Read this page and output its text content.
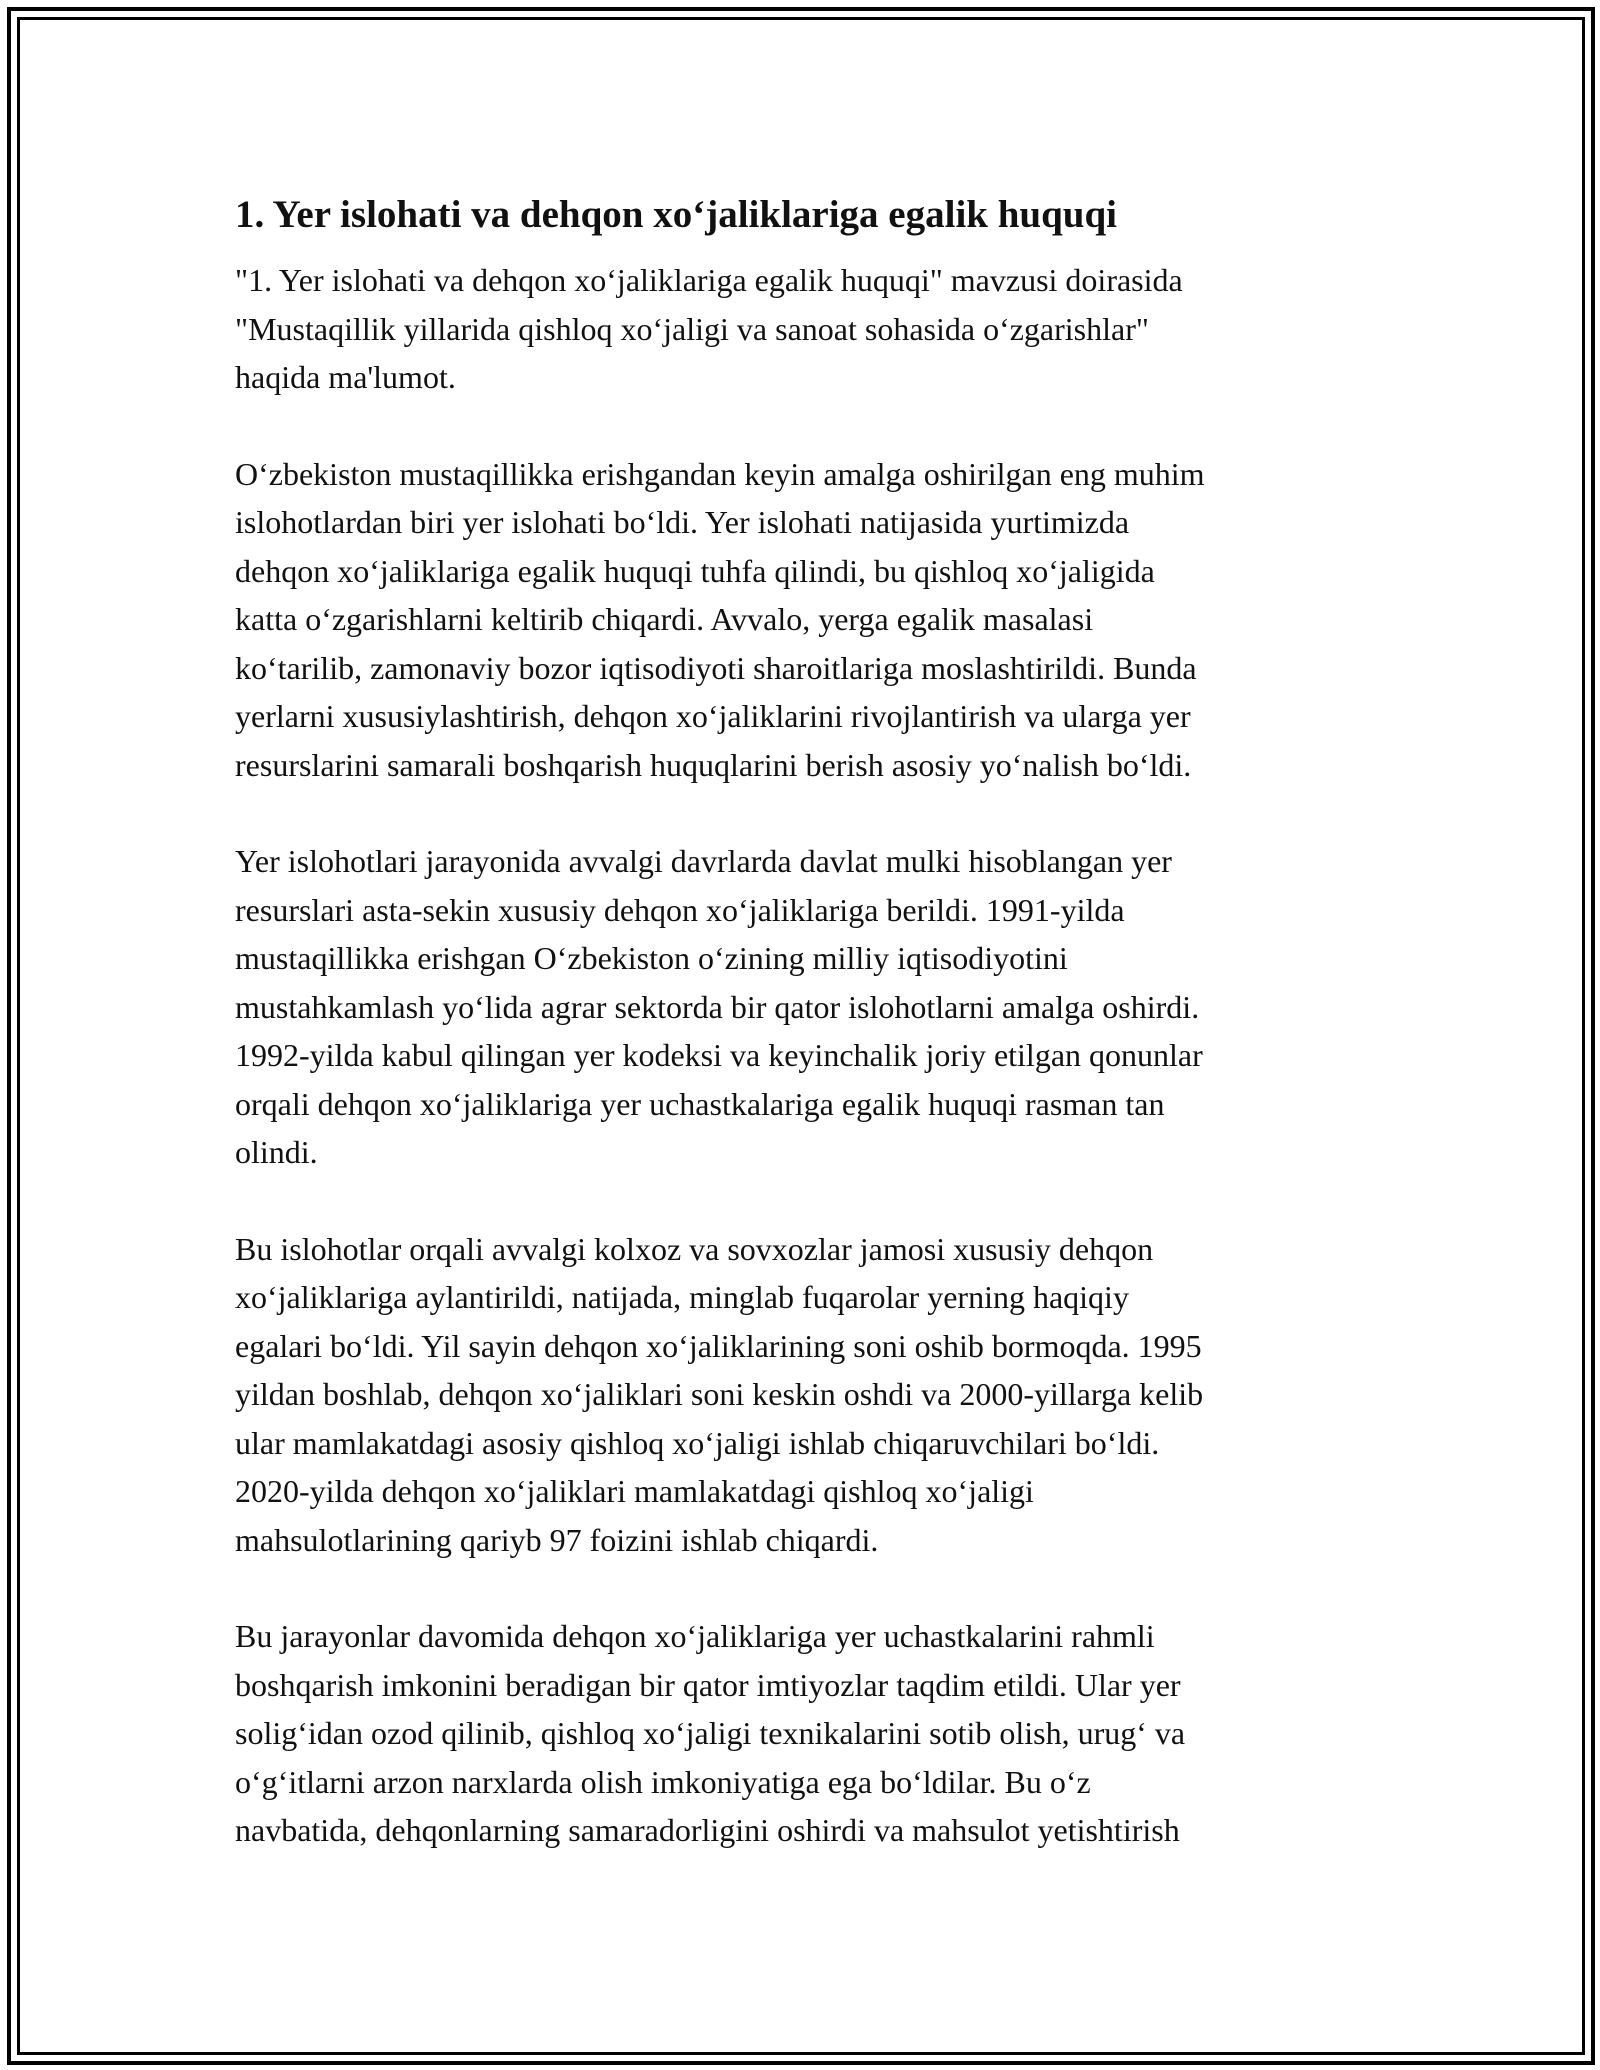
1. Yer islohati va dehqon xoʻjaliklariga egalik huquqi

"1. Yer islohati va dehqon xoʻjaliklariga egalik huquqi" mavzusi doirasida
"Mustaqillik yillarida qishloq xoʻjaligi va sanoat sohasida oʻzgarishlar"
haqida ma'lumot.

Oʻzbekiston mustaqillikka erishgandan keyin amalga oshirilgan eng muhim
islohotlardan biri yer islohati boʻldi. Yer islohati natijasida yurtimizda
dehqon xoʻjaliklariga egalik huquqi tuhfa qilindi, bu qishloq xoʻjaligida
katta oʻzgarishlarni keltirib chiqardi. Avvalo, yerga egalik masalasi
koʻtarilib, zamonaviy bozor iqtisodiyoti sharoitlariga moslashtirildi. Bunda
yerlarni xususiylashtirish, dehqon xoʻjaliklarini rivojlantirish va ularga yer
resurslarini samarali boshqarish huquqlarini berish asosiy yoʻnalish boʻldi.

Yer islohotlari jarayonida avvalgi davrlarda davlat mulki hisoblangan yer
resurslari asta-sekin xususiy dehqon xoʻjaliklariga berildi. 1991-yilda
mustaqillikka erishgan Oʻzbekiston oʻzining milliy iqtisodiyotini
mustahkamlash yoʻlida agrar sektorda bir qator islohotlarni amalga oshirdi.
1992-yilda kabul qilingan yer kodeksi va keyinchalik joriy etilgan qonunlar
orqali dehqon xoʻjaliklariga yer uchastkalariga egalik huquqi rasman tan
olindi.

Bu islohotlar orqali avvalgi kolxoz va sovxozlar jamosi xususiy dehqon
xoʻjaliklariga aylantirildi, natijada, minglab fuqarolar yerning haqiqiy
egalari boʻldi. Yil sayin dehqon xoʻjaliklarining soni oshib bormoqda. 1995
yildan boshlab, dehqon xoʻjaliklari soni keskin oshdi va 2000-yillarga kelib
ular mamlakatdagi asosiy qishloq xoʻjaligi ishlab chiqaruvchilari boʻldi.
2020-yilda dehqon xoʻjaliklari mamlakatdagi qishloq xoʻjaligi
mahsulotlarining qariyb 97 foizini ishlab chiqardi.

Bu jarayonlar davomida dehqon xoʻjaliklariga yer uchastkalarini rahmli
boshqarish imkonini beradigan bir qator imtiyozlar taqdim etildi. Ular yer
soligʻidan ozod qilinib, qishloq xoʻjaligi texnikalarini sotib olish, urugʻ va
oʻgʻitlarni arzon narxlarda olish imkoniyatiga ega boʻldilar. Bu oʻz
navbatida, dehqonlarning samaradorligini oshirdi va mahsulot yetishtirish
